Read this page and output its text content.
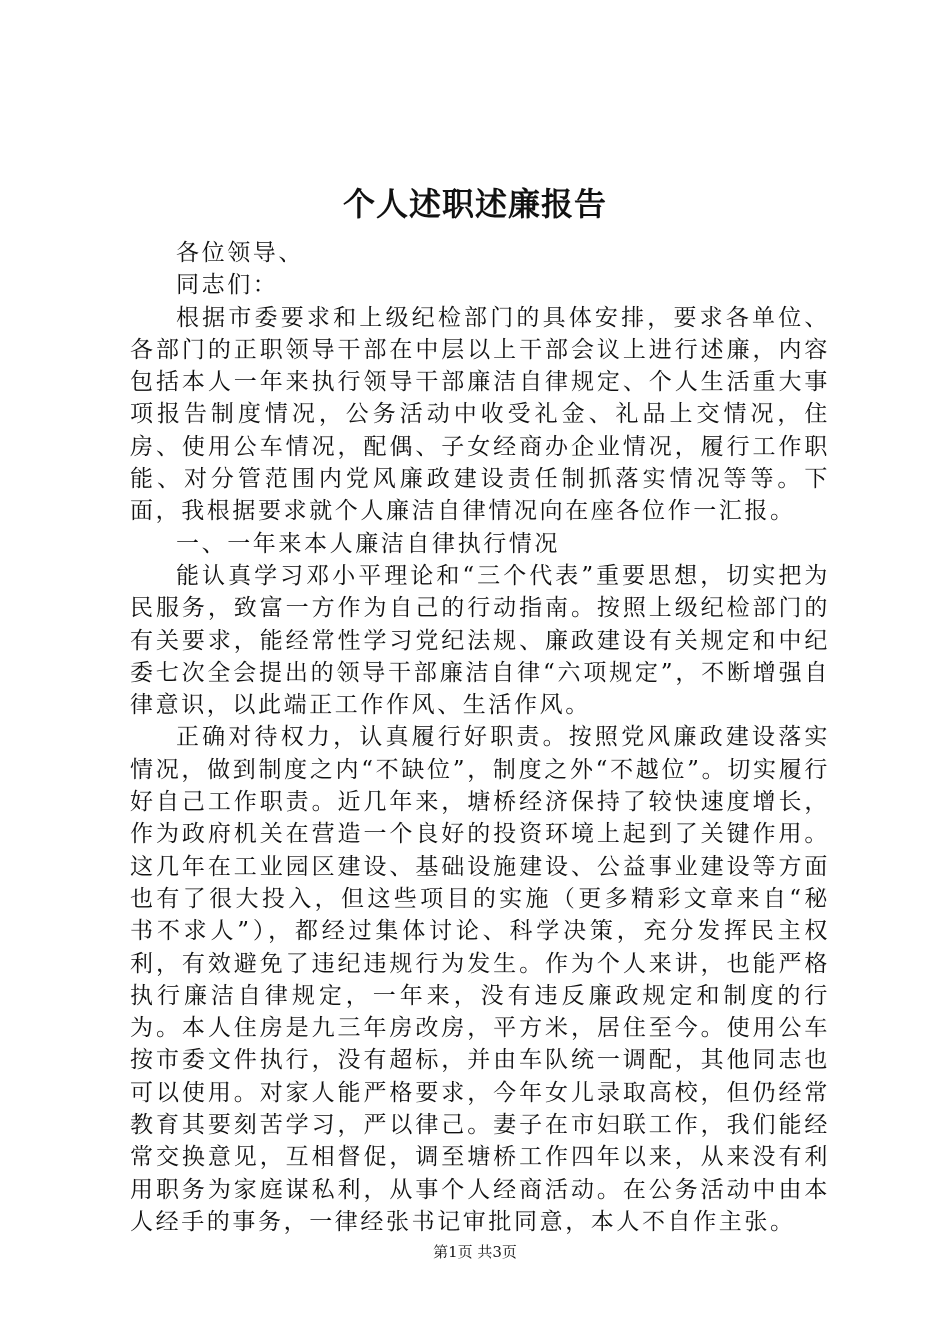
个人述职述廉报告

各位领导、

同志们：

根据市委要求和上级纪检部门的具体安排，要求各单位、各部门的正职领导干部在中层以上干部会议上进行述廉，内容包括本人一年来执行领导干部廉洁自律规定、个人生活重大事项报告制度情况，公务活动中收受礼金、礼品上交情况，住房、使用公车情况，配偶、子女经商办企业情况，履行工作职能、对分管范围内党风廉政建设责任制抓落实情况等等。下面，我根据要求就个人廉洁自律情况向在座各位作一汇报。

一、一年来本人廉洁自律执行情况

能认真学习邓小平理论和“三个代表”重要思想，切实把为民服务，致富一方作为自己的行动指南。按照上级纪检部门的有关要求，能经常性学习党纪法规、廉政建设有关规定和中纪委七次全会提出的领导干部廉洁自律“六项规定”，不断增强自律意识，以此端正工作作风、生活作风。

正确对待权力，认真履行好职责。按照党风廉政建设落实情况，做到制度之内“不缺位”，制度之外“不越位”。切实履行好自己工作职责。近几年来，塘桥经济保持了较快速度增长，作为政府机关在营造一个良好的投资环境上起到了关键作用。这几年在工业园区建设、基础设施建设、公益事业建设等方面也有了很大投入，但这些项目的实施（更多精彩文章来自“秘书不求人”），都经过集体讨论、科学决策，充分发挥民主权利，有效避免了违纪违规行为发生。作为个人来讲，也能严格执行廉洁自律规定，一年来，没有违反廉政规定和制度的行为。本人住房是九三年房改房，平方米，居住至今。使用公车按市委文件执行，没有超标，并由车队统一调配，其他同志也可以使用。对家人能严格要求，今年女儿录取高校，但仍经常教育其要刻苦学习，严以律己。妻子在市妇联工作，我们能经常交换意见，互相督促，调至塘桥工作四年以来，从来没有利用职务为家庭谋私利，从事个人经商活动。在公务活动中由本人经手的事务，一律经张书记审批同意，本人不自作主张。

第1页 共3页
